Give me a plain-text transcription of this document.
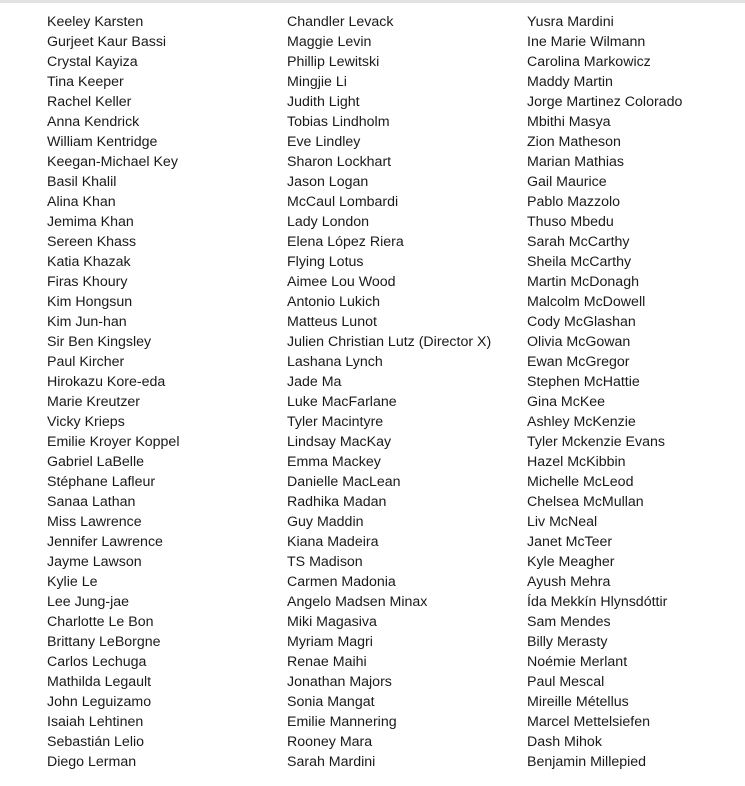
Keeley Karsten
Gurjeet Kaur Bassi
Crystal Kayiza
Tina Keeper
Rachel Keller
Anna Kendrick
William Kentridge
Keegan-Michael Key
Basil Khalil
Alina Khan
Jemima Khan
Sereen Khass
Katia Khazak
Firas Khoury
Kim Hongsun
Kim Jun-han
Sir Ben Kingsley
Paul Kircher
Hirokazu Kore-eda
Marie Kreutzer
Vicky Krieps
Emilie Kroyer Koppel
Gabriel LaBelle
Stéphane Lafleur
Sanaa Lathan
Miss Lawrence
Jennifer Lawrence
Jayme Lawson
Kylie Le
Lee Jung-jae
Charlotte Le Bon
Brittany LeBorgne
Carlos Lechuga
Mathilda Legault
John Leguizamo
Isaiah Lehtinen
Sebastián Lelio
Diego Lerman
Chandler Levack
Maggie Levin
Phillip Lewitski
Mingjie Li
Judith Light
Tobias Lindholm
Eve Lindley
Sharon Lockhart
Jason Logan
McCaul Lombardi
Lady London
Elena López Riera
Flying Lotus
Aimee Lou Wood
Antonio Lukich
Matteus Lunot
Julien Christian Lutz (Director X)
Lashana Lynch
Jade Ma
Luke MacFarlane
Tyler Macintyre
Lindsay MacKay
Emma Mackey
Danielle MacLean
Radhika Madan
Guy Maddin
Kiana Madeira
TS Madison
Carmen Madonia
Angelo Madsen Minax
Miki Magasiva
Myriam Magri
Renae Maihi
Jonathan Majors
Sonia Mangat
Emilie Mannering
Rooney Mara
Sarah Mardini
Yusra Mardini
Ine Marie Wilmann
Carolina Markowicz
Maddy Martin
Jorge Martinez Colorado
Mbithi Masya
Zion Matheson
Marian Mathias
Gail Maurice
Pablo Mazzolo
Thuso Mbedu
Sarah McCarthy
Sheila McCarthy
Martin McDonagh
Malcolm McDowell
Cody McGlashan
Olivia McGowan
Ewan McGregor
Stephen McHattie
Gina McKee
Ashley McKenzie
Tyler Mckenzie Evans
Hazel McKibbin
Michelle McLeod
Chelsea McMullan
Liv McNeal
Janet McTeer
Kyle Meagher
Ayush Mehra
Ída Mekkín Hlynsdóttir
Sam Mendes
Billy Merasty
Noémie Merlant
Paul Mescal
Mireille Métellus
Marcel Mettelsiefen
Dash Mihok
Benjamin Millepied
